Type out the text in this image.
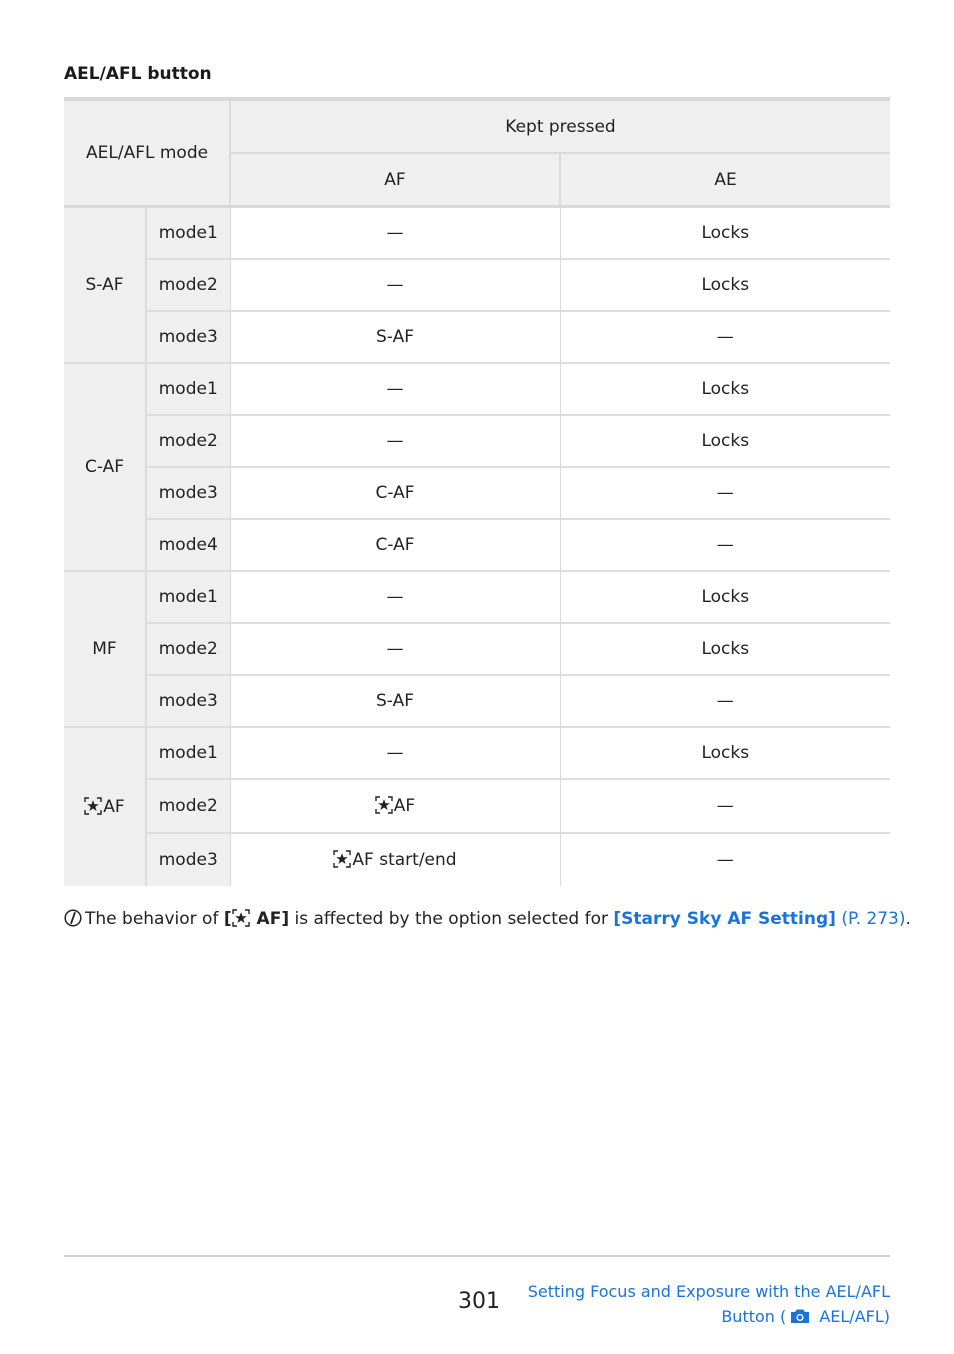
AEL/AFL button

AEL/AFL mode		Kept pressed	
		AF	AE

S-AF	mode1	—	Locks
	mode2	—	Locks
	mode3	S-AF	—
C-AF	mode1	—	Locks
	mode2	—	Locks
	mode3	C-AF	—
	mode4	C-AF	—
MF	mode1	—	Locks
	mode2	—	Locks
	mode3	S-AF	—
AF	mode1	—	Locks
	mode2	AF	—
	mode3	AF start/end	—
The behavior of [ AF] is affected by the option selected for [Starry Sky AF Setting] (P. 273).
301 Setting Focus and Exposure with the AEL/AFL
Button ( AEL/AFL)
